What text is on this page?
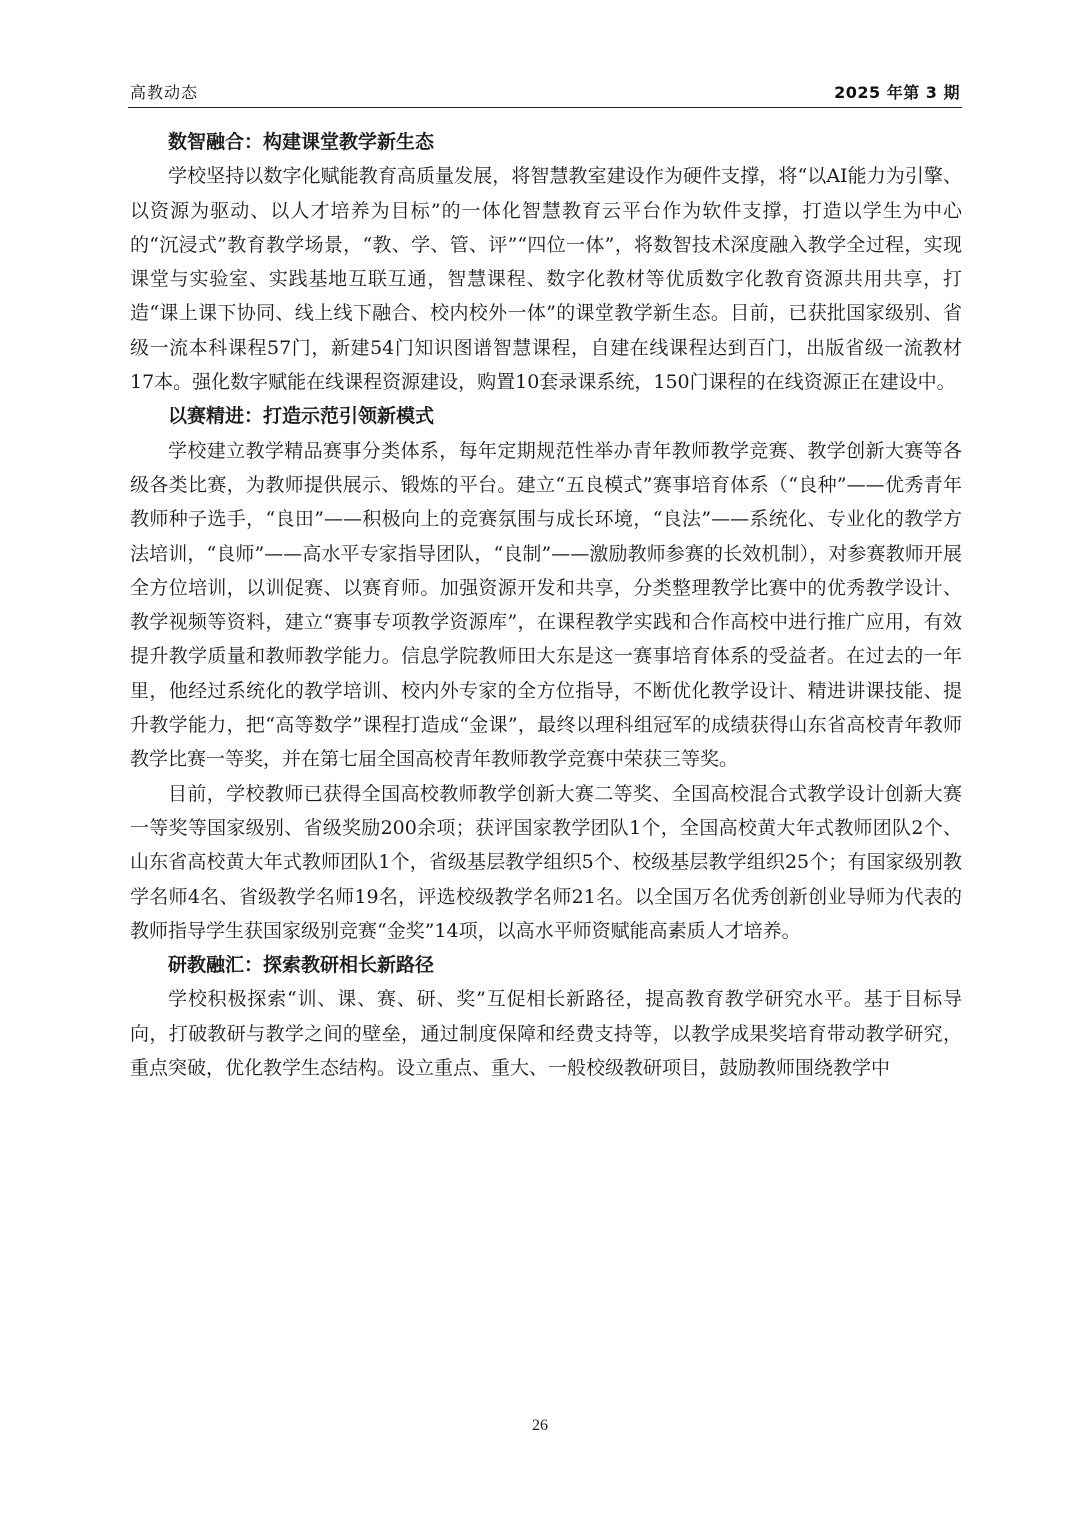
高教动态	2025 年第 3 期
数智融合：构建课堂教学新生态

学校坚持以数字化赋能教育高质量发展，将智慧教室建设作为硬件支撑，将“以AI能力为引擎、以资源为驱动、以人才培养为目标”的一体化智慧教育云平台作为软件支撑，打造以学生为中心的“沉浸式”教育教学场景，“教、学、管、评”“四位一体”，将数智技术深度融入教学全过程，实现课堂与实验室、实践基地互联互通，智慧课程、数字化教材等优质数字化教育资源共用共享，打造“课上课下协同、线上线下融合、校内校外一体”的课堂教学新生态。目前，已获批国家级别、省级一流本科课程57门，新建54门知识图谱智慧课程，自建在线课程达到百门，出版省级一流教材17本。强化数字赋能在线课程资源建设，购置10套录课系统，150门课程的在线资源正在建设中。

以赛精进：打造示范引领新模式

学校建立教学精品赛事分类体系，每年定期规范性举办青年教师教学竞赛、教学创新大赛等各级各类比赛，为教师提供展示、锻炼的平台。建立“五良模式”赛事培育体系（“良种”——优秀青年教师种子选手，“良田”——积极向上的竞赛氛围与成长环境，“良法”——系统化、专业化的教学方法培训，“良师”——高水平专家指导团队，“良制”——激励教师参赛的长效机制），对参赛教师开展全方位培训，以训促赛、以赛育师。加强资源开发和共享，分类整理教学比赛中的优秀教学设计、教学视频等资料，建立“赛事专项教学资源库”，在课程教学实践和合作高校中进行推广应用，有效提升教学质量和教师教学能力。信息学院教师田大东是这一赛事培育体系的受益者。在过去的一年里，他经过系统化的教学培训、校内外专家的全方位指导，不断优化教学设计、精进讲课技能、提升教学能力，把“高等数学”课程打造成“金课”，最终以理科组冠军的成绩获得山东省高校青年教师教学比赛一等奖，并在第七届全国高校青年教师教学竞赛中荣获三等奖。

目前，学校教师已获得全国高校教师教学创新大赛二等奖、全国高校混合式教学设计创新大赛一等奖等国家级别、省级奖励200余项；获评国家教学团队1个，全国高校黄大年式教师团队2个、山东省高校黄大年式教师团队1个，省级基层教学组织5个、校级基层教学组织25个；有国家级别教学名师4名、省级教学名师19名，评选校级教学名师21名。以全国万名优秀创新创业导师为代表的教师指导学生获国家级别竞赛“金奖”14项，以高水平师资赋能高素质人才培养。

研教融汇：探索教研相长新路径

学校积极探索“训、课、赛、研、奖”互促相长新路径，提高教育教学研究水平。基于目标导向，打破教研与教学之间的壁垒，通过制度保障和经费支持等，以教学成果奖培育带动教学研究，重点突破，优化教学生态结构。设立重点、重大、一般校级教研项目，鼓励教师围绕教学中

26
